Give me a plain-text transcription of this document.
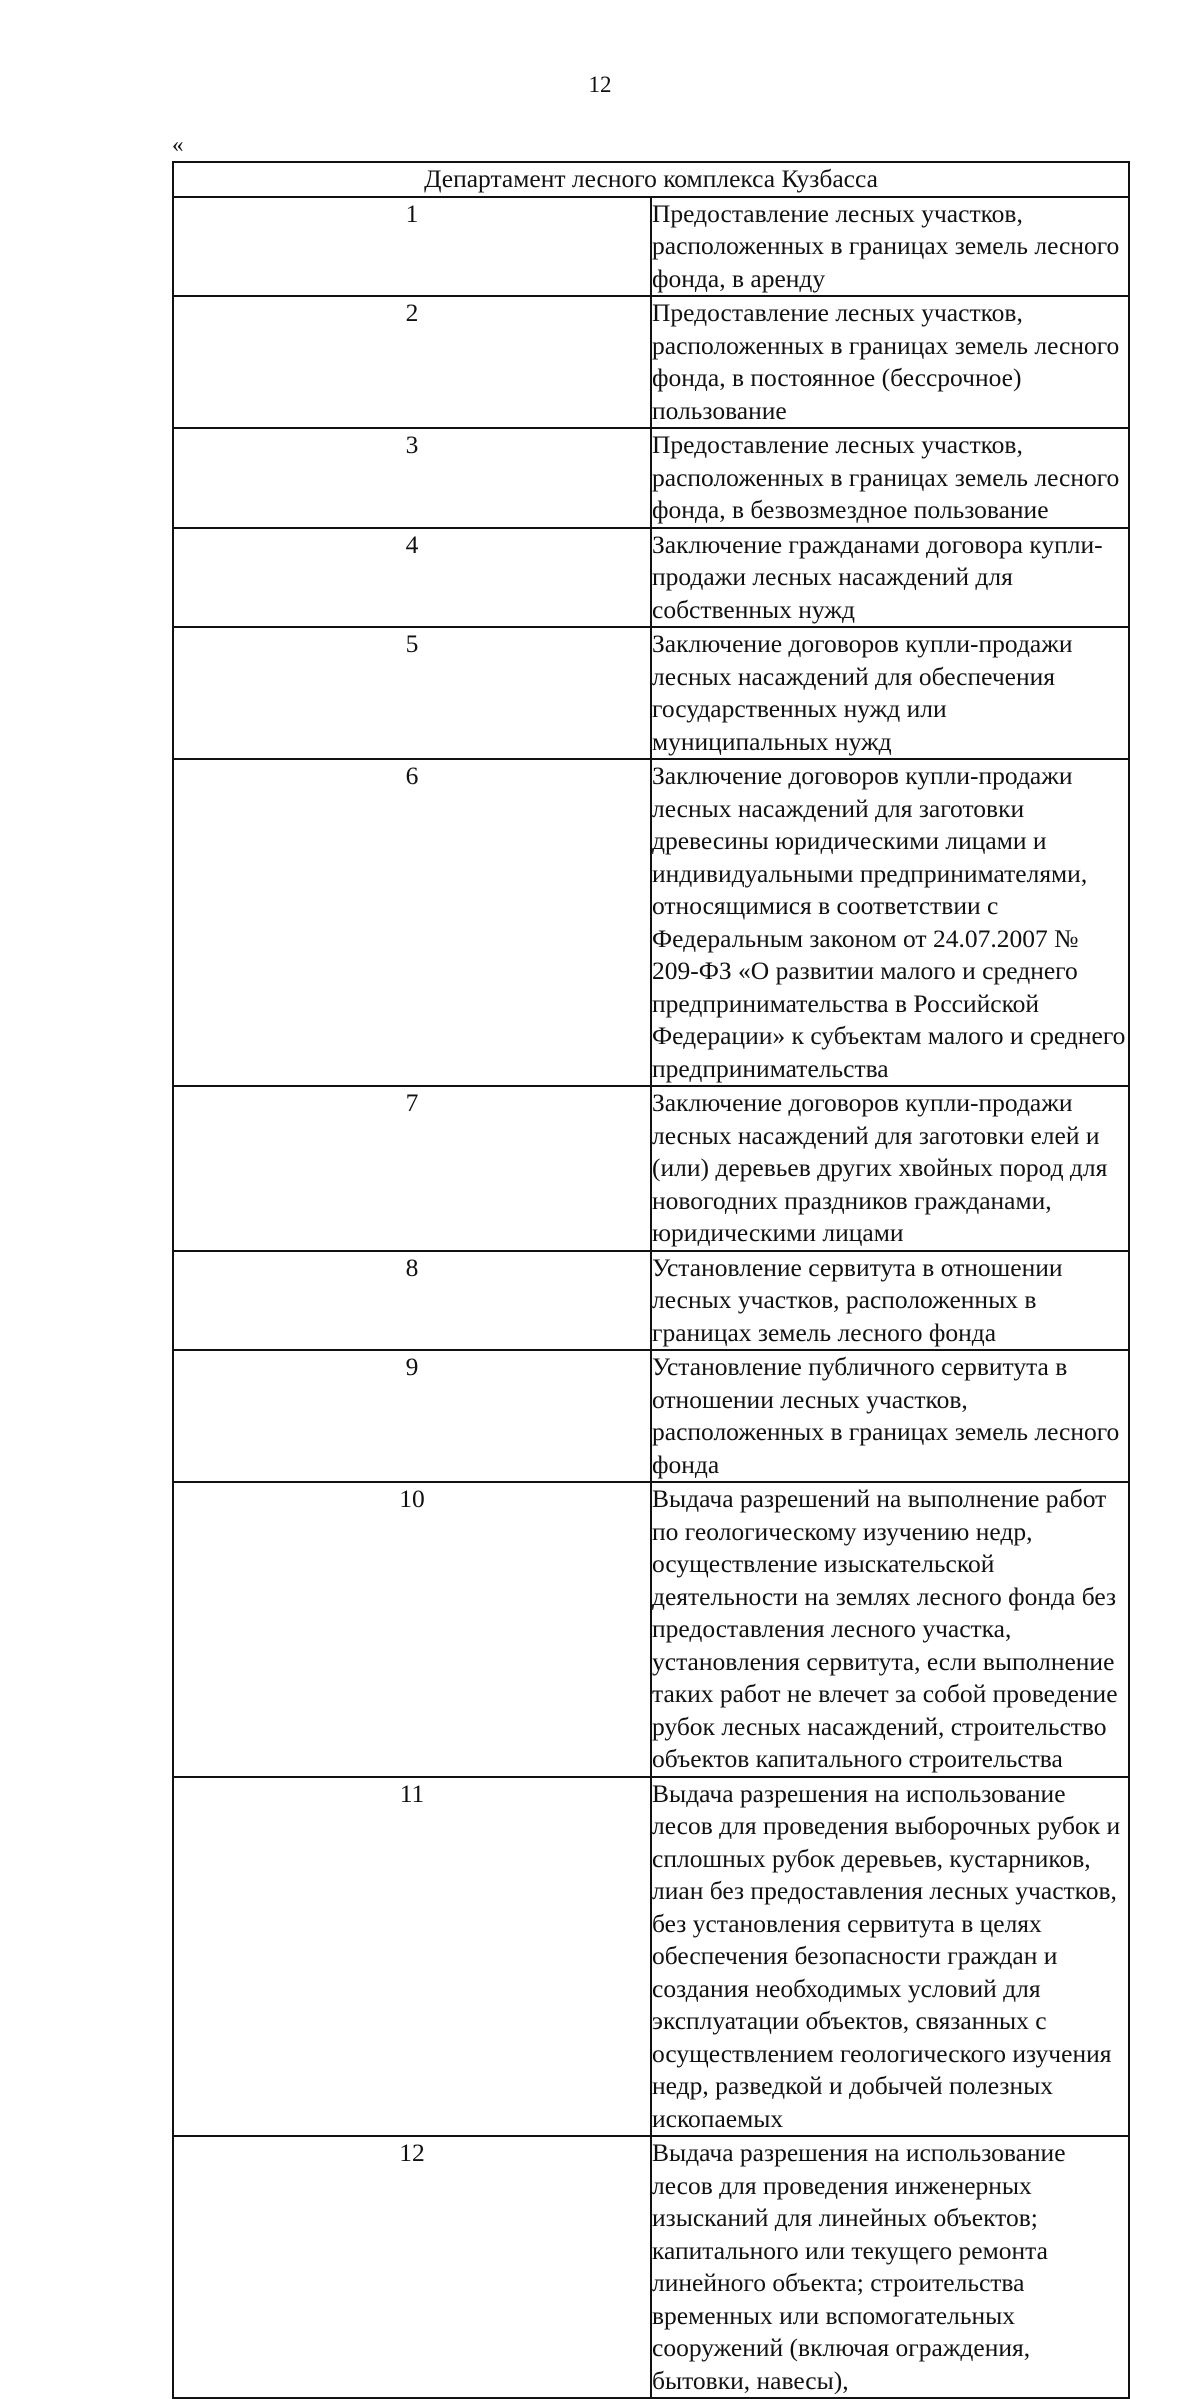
12
«
Департамент лесного комплекса Кузбасса	
1	Предоставление лесных участков, расположенных в границах земель лесного фонда, в аренду
2	Предоставление лесных участков, расположенных в границах земель лесного фонда, в постоянное (бессрочное) пользование
3	Предоставление лесных участков, расположенных в границах земель лесного фонда, в безвозмездное пользование
4	Заключение гражданами договора купли-продажи лесных насаждений для собственных нужд
5	Заключение договоров купли-продажи лесных насаждений для обеспечения государственных нужд или муниципальных нужд
6	Заключение договоров купли-продажи лесных насаждений для заготовки древесины юридическими лицами и индивидуальными предпринимателями, относящимися в соответствии с Федеральным законом от 24.07.2007 № 209-ФЗ «О развитии малого и среднего предпринимательства в Российской Федерации» к субъектам малого и среднего предпринимательства
7	Заключение договоров купли-продажи лесных насаждений для заготовки елей и (или) деревьев других хвойных пород для новогодних праздников гражданами, юридическими лицами
8	Установление сервитута в отношении лесных участков, расположенных в границах земель лесного фонда
9	Установление публичного сервитута в отношении лесных участков, расположенных в границах земель лесного фонда
10	Выдача разрешений на выполнение работ по геологическому изучению недр, осуществление изыскательской деятельности на землях лесного фонда без предоставления лесного участка, установления сервитута, если выполнение таких работ не влечет за собой проведение рубок лесных насаждений, строительство объектов капитального строительства
11	Выдача разрешения на использование лесов для проведения выборочных рубок и сплошных рубок деревьев, кустарников, лиан без предоставления лесных участков, без установления сервитута в целях обеспечения безопасности граждан и создания необходимых условий для эксплуатации объектов, связанных с осуществлением геологического изучения недр, разведкой и добычей полезных ископаемых
12	Выдача разрешения на использование лесов для проведения инженерных изысканий для линейных объектов; капитального или текущего ремонта линейного объекта; строительства временных или вспомогательных сооружений (включая ограждения, бытовки, навесы),
